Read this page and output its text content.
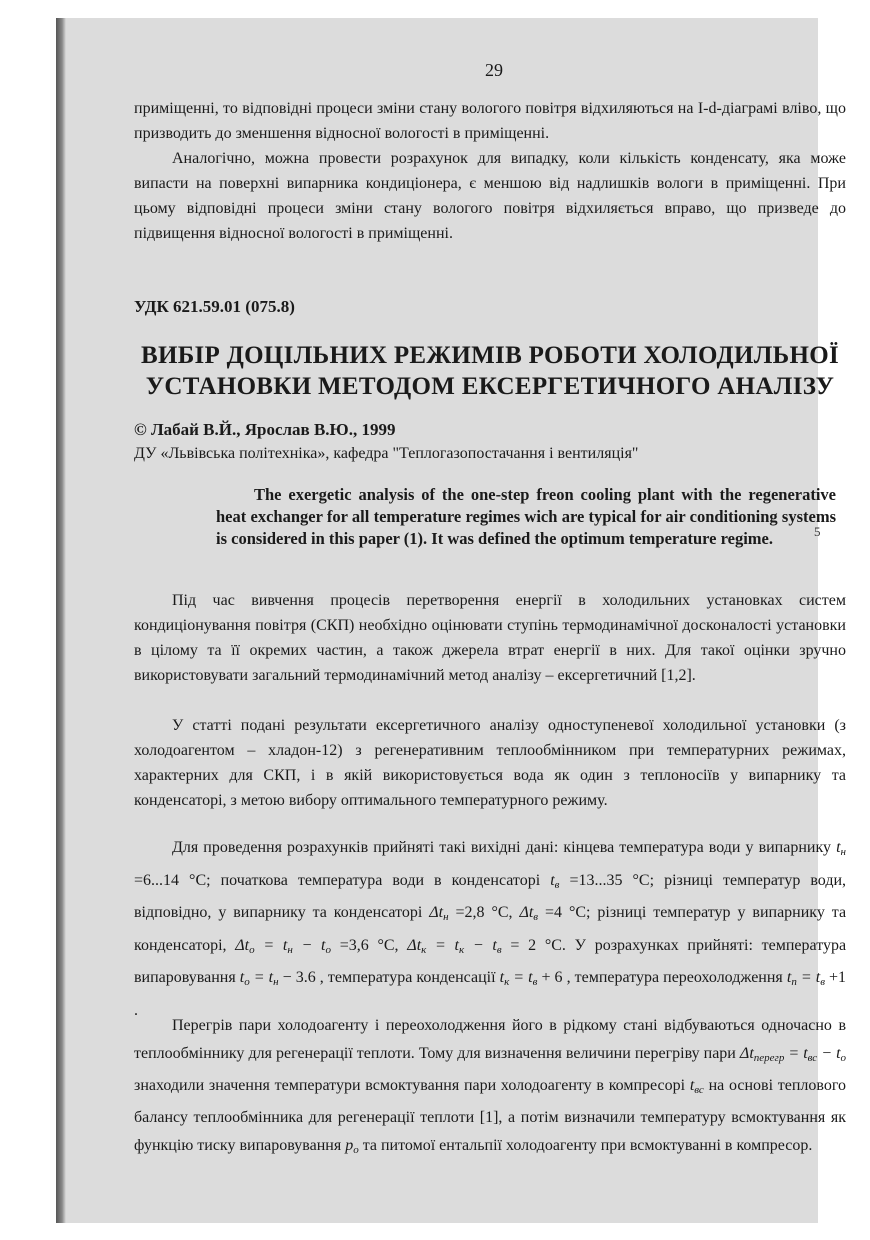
29

приміщенні, то відповідні процеси зміни стану вологого повітря відхиляються на I-d-діаграмі вліво, що призводить до зменшення відносної вологості в приміщенні.

Аналогічно, можна провести розрахунок для випадку, коли кількість конденсату, яка може випасти на поверхні випарника кондиціонера, є меншою від надлишків вологи в приміщенні. При цьому відповідні процеси зміни стану вологого повітря відхиляється вправо, що призведе до підвищення відносної вологості в приміщенні.

УДК 621.59.01 (075.8)
ВИБІР ДОЦІЛЬНИХ РЕЖИМІВ РОБОТИ ХОЛОДИЛЬНОЇ
УСТАНОВКИ МЕТОДОМ ЕКСЕРГЕТИЧНОГО АНАЛІЗУ
© Лабай В.Й., Ярослав В.Ю., 1999
ДУ «Львівська політехніка», кафедра "Теплогазопостачання і вентиляція"

The exergetic analysis of the one-step freon cooling plant with the regenerative heat exchanger for all temperature regimes wich are typical for air conditioning systems is considered in this paper (1). It was defined the optimum temperature regime.

Під час вивчення процесів перетворення енергії в холодильних установках систем кондиціонування повітря (СКП) необхідно оцінювати ступінь термодинамічної досконалості установки в цілому та її окремих частин, а також джерела втрат енергії в них. Для такої оцінки зручно використовувати загальний термодинамічний метод аналізу – ексергетичний [1,2].

У статті подані результати ексергетичного аналізу одноступеневої холодильної установки (з холодоагентом – хладон-12) з регенеративним теплообмінником при температурних режимах, характерних для СКП, і в якій використовується вода як один з теплоносіїв у випарнику та конденсаторі, з метою вибору оптимального температурного режиму.

Для проведення розрахунків прийняті такі вихідні дані: кінцева температура води у випарнику $t_н =6...14$ °C; початкова температура води в конденсаторі $t_в =13...35$ °C; різниці температур води, відповідно, у випарнику та конденсаторі $\Delta t_н =2,8$ °C, $\Delta t_в =4$ °C; різниці температур у випарнику та конденсаторі, $\Delta t_о = t_н - t_о =3,6$ °C, $\Delta t_к = t_к - t_в = 2$ °C. У розрахунках прийняті: температура випаровування $t_о = t_н - 3.6$ , температура конденсації $t_к = t_в + 6$ , температура переохолодження $t_п = t_в +1$ .

Перегрів пари холодоагенту і переохолодження його в рідкому стані відбуваються одночасно в теплообміннику для регенерації теплоти. Тому для визначення величини перегріву пари $\Delta t_{перегр} = t_{вс} - t_о$ знаходили значення температури всмоктування пари холодоагенту в компресорі $t_{вс}$ на основі теплового балансу теплообмінника для регенерації теплоти [1], а потім визначили температуру всмоктування як функцію тиску випаровування $p_о$ та питомої ентальпії холодоагенту при всмоктуванні в компресор.

5
